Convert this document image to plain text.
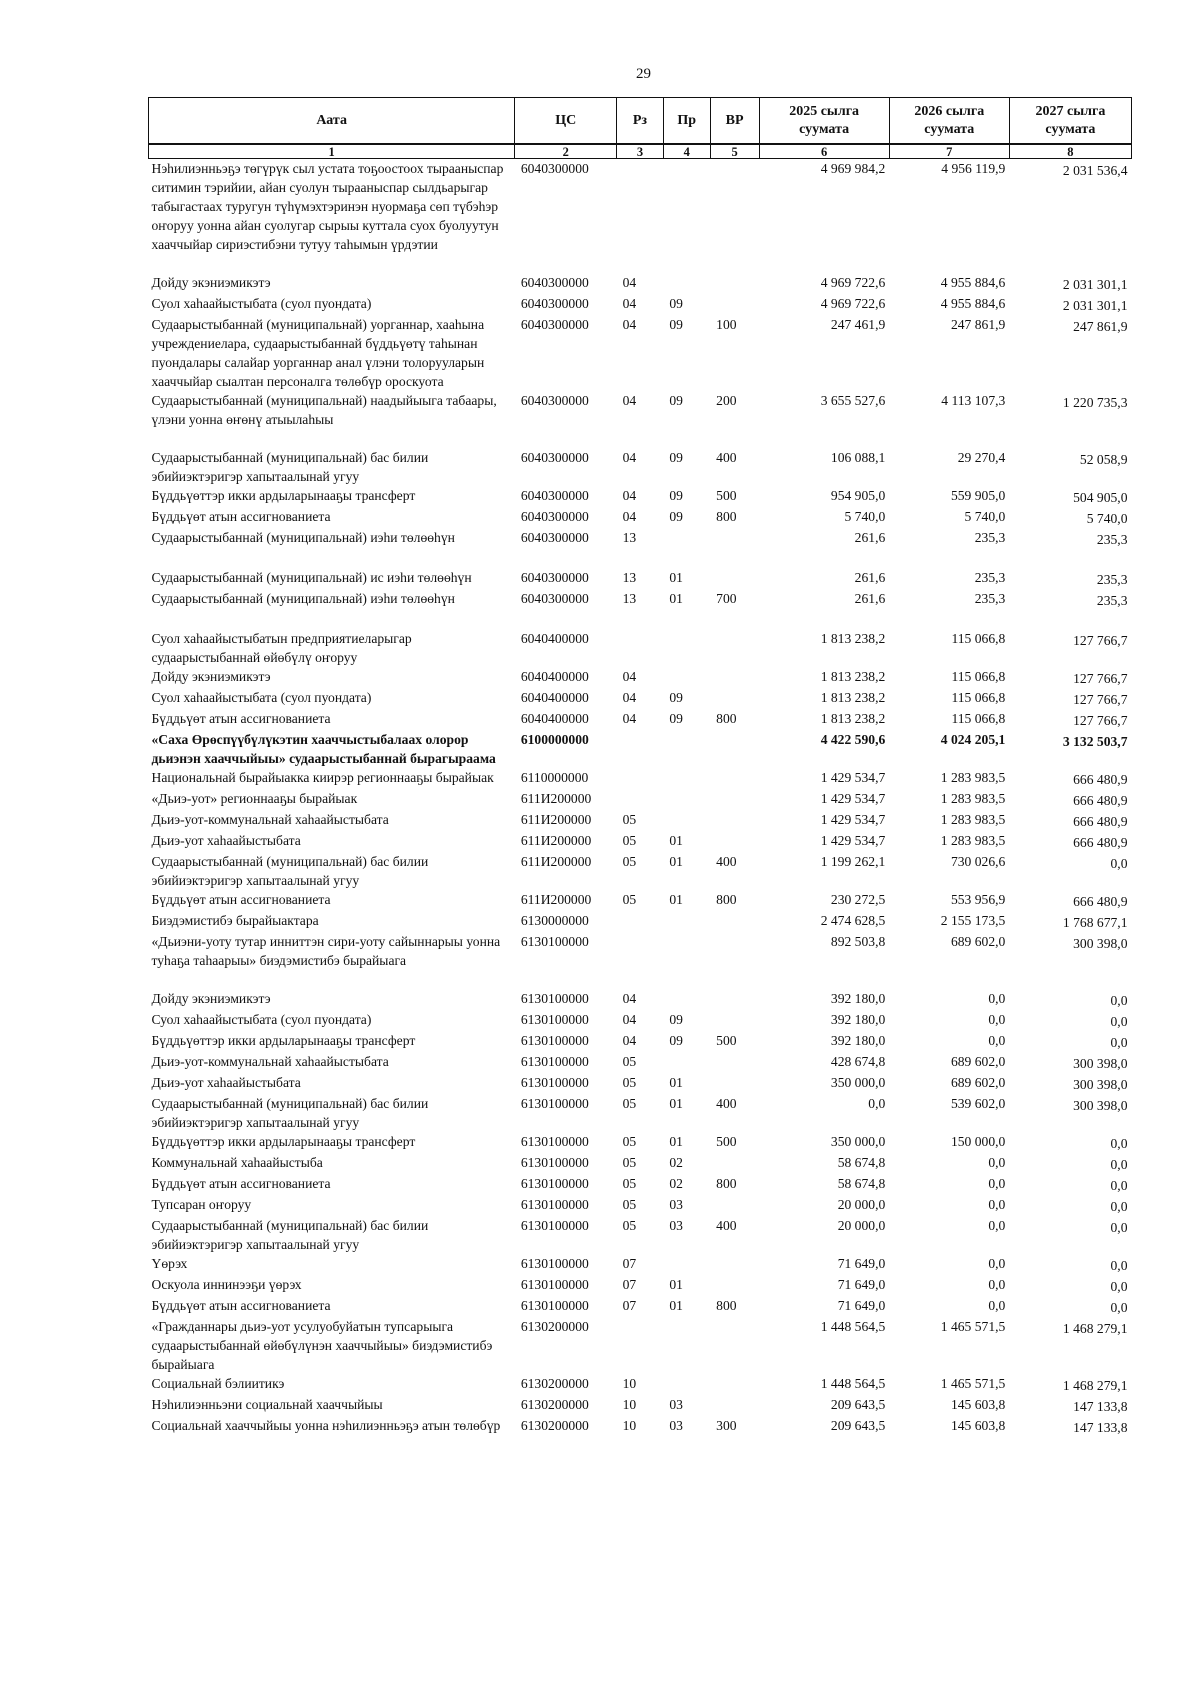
29
Аата	ЦС	Рз	Пр	ВР	2025 сылга суумата	2026 сылга суумата	2027 сылга суумата
1	2	3	4	5	6	7	8
Нэһилиэнньэҕэ төгүрүк сыл устата тоҕоостоох тырааныспар ситимин тэрийии, айан суолун тырааныспар сылдьарыгар табыгастаах туругун түһүмэхтэринэн нуормаҕа сөп түбэһэр оҥоруу уонна айан суолугар сырыы куттала суох буолуутун хааччыйар сириэстибэни тутуу таһымын үрдэтии	6040300000				4 969 984,2	4 956 119,9	2 031 536,4
Дойду экэниэмикэтэ	6040300000	04			4 969 722,6	4 955 884,6	2 031 301,1
Суол хаһаайыстыбата (суол пуондата)	6040300000	04	09		4 969 722,6	4 955 884,6	2 031 301,1
Судаарыстыбаннай (муниципальнай) уорганнар, хааһына учреждениелара, судаарыстыбаннай бүддьүөтү таһынан пуондалары салайар уорганнар анал үлэни толорууларын хааччыйар сыалтан персоналга төлөбүр ороскуота	6040300000	04	09	100	247 461,9	247 861,9	247 861,9
Судаарыстыбаннай (муниципальнай) наадыйыыга табаары, үлэни уонна өҥөнү атыылаһыы	6040300000	04	09	200	3 655 527,6	4 113 107,3	1 220 735,3
Судаарыстыбаннай (муниципальнай) бас билии эбийиэктэригэр хапытаалынай угуу	6040300000	04	09	400	106 088,1	29 270,4	52 058,9
Бүддьүөттэр икки ардыларынааҕы трансферт	6040300000	04	09	500	954 905,0	559 905,0	504 905,0
Бүддьүөт атын ассигнованиета	6040300000	04	09	800	5 740,0	5 740,0	5 740,0
Судаарыстыбаннай (муниципальнай) иэһи төлөөһүн	6040300000	13			261,6	235,3	235,3
Судаарыстыбаннай (муниципальнай) ис иэһи төлөөһүн	6040300000	13	01		261,6	235,3	235,3
Судаарыстыбаннай (муниципальнай) иэһи төлөөһүн	6040300000	13	01	700	261,6	235,3	235,3
Суол хаһаайыстыбатын предприятиеларыгар судаарыстыбаннай өйөбүлү оҥоруу	6040400000				1 813 238,2	115 066,8	127 766,7
Дойду экэниэмикэтэ	6040400000	04			1 813 238,2	115 066,8	127 766,7
Суол хаһаайыстыбата (суол пуондата)	6040400000	04	09		1 813 238,2	115 066,8	127 766,7
Бүддьүөт атын ассигнованиета	6040400000	04	09	800	1 813 238,2	115 066,8	127 766,7
«Саха Өрөспүүбүлүкэтин хааччыстыбалаах олорор дьиэнэн хааччыйыы» судаарыстыбаннай бырагыраама	6100000000				4 422 590,6	4 024 205,1	3 132 503,7
Национальнай бырайыакка киирэр регионнааҕы бырайыак	6110000000				1 429 534,7	1 283 983,5	666 480,9
«Дьиэ-уот» регионнааҕы бырайыак	611И200000				1 429 534,7	1 283 983,5	666 480,9
Дьиэ-уот-коммунальнай хаһаайыстыбата	611И200000	05			1 429 534,7	1 283 983,5	666 480,9
Дьиэ-уот хаһаайыстыбата	611И200000	05	01		1 429 534,7	1 283 983,5	666 480,9
Судаарыстыбаннай (муниципальнай) бас билии эбийиэктэригэр хапытаалынай угуу	611И200000	05	01	400	1 199 262,1	730 026,6	0,0
Бүддьүөт атын ассигнованиета	611И200000	05	01	800	230 272,5	553 956,9	666 480,9
Биэдэмистибэ бырайыактара	6130000000				2 474 628,5	2 155 173,5	1 768 677,1
«Дьиэни-уоту тутар инниттэн сири-уоту сайыннарыы уонна туһаҕа таһаарыы» биэдэмистибэ бырайыага	6130100000				892 503,8	689 602,0	300 398,0
Дойду экэниэмикэтэ	6130100000	04			392 180,0	0,0	0,0
Суол хаһаайыстыбата (суол пуондата)	6130100000	04	09		392 180,0	0,0	0,0
Бүддьүөттэр икки ардыларынааҕы трансферт	6130100000	04	09	500	392 180,0	0,0	0,0
Дьиэ-уот-коммунальнай хаһаайыстыбата	6130100000	05			428 674,8	689 602,0	300 398,0
Дьиэ-уот хаһаайыстыбата	6130100000	05	01		350 000,0	689 602,0	300 398,0
Судаарыстыбаннай (муниципальнай) бас билии эбийиэктэригэр хапытаалынай угуу	6130100000	05	01	400	0,0	539 602,0	300 398,0
Бүддьүөттэр икки ардыларынааҕы трансферт	6130100000	05	01	500	350 000,0	150 000,0	0,0
Коммунальнай хаһаайыстыба	6130100000	05	02		58 674,8	0,0	0,0
Бүддьүөт атын ассигнованиета	6130100000	05	02	800	58 674,8	0,0	0,0
Тупсаран оҥоруу	6130100000	05	03		20 000,0	0,0	0,0
Судаарыстыбаннай (муниципальнай) бас билии эбийиэктэригэр хапытаалынай угуу	6130100000	05	03	400	20 000,0	0,0	0,0
Үөрэх	6130100000	07			71 649,0	0,0	0,0
Оскуола иннинээҕи үөрэх	6130100000	07	01		71 649,0	0,0	0,0
Бүддьүөт атын ассигнованиета	6130100000	07	01	800	71 649,0	0,0	0,0
«Гражданнары дьиэ-уот усулуобуйатын тупсарыыга судаарыстыбаннай өйөбүлүнэн хааччыйыы» биэдэмистибэ бырайыага	6130200000				1 448 564,5	1 465 571,5	1 468 279,1
Социальнай бэлиитикэ	6130200000	10			1 448 564,5	1 465 571,5	1 468 279,1
Нэһилиэнньэни социальнай хааччыйыы	6130200000	10	03		209 643,5	145 603,8	147 133,8
Социальнай хааччыйыы уонна нэһилиэнньэҕэ атын төлөбүр	6130200000	10	03	300	209 643,5	145 603,8	147 133,8
